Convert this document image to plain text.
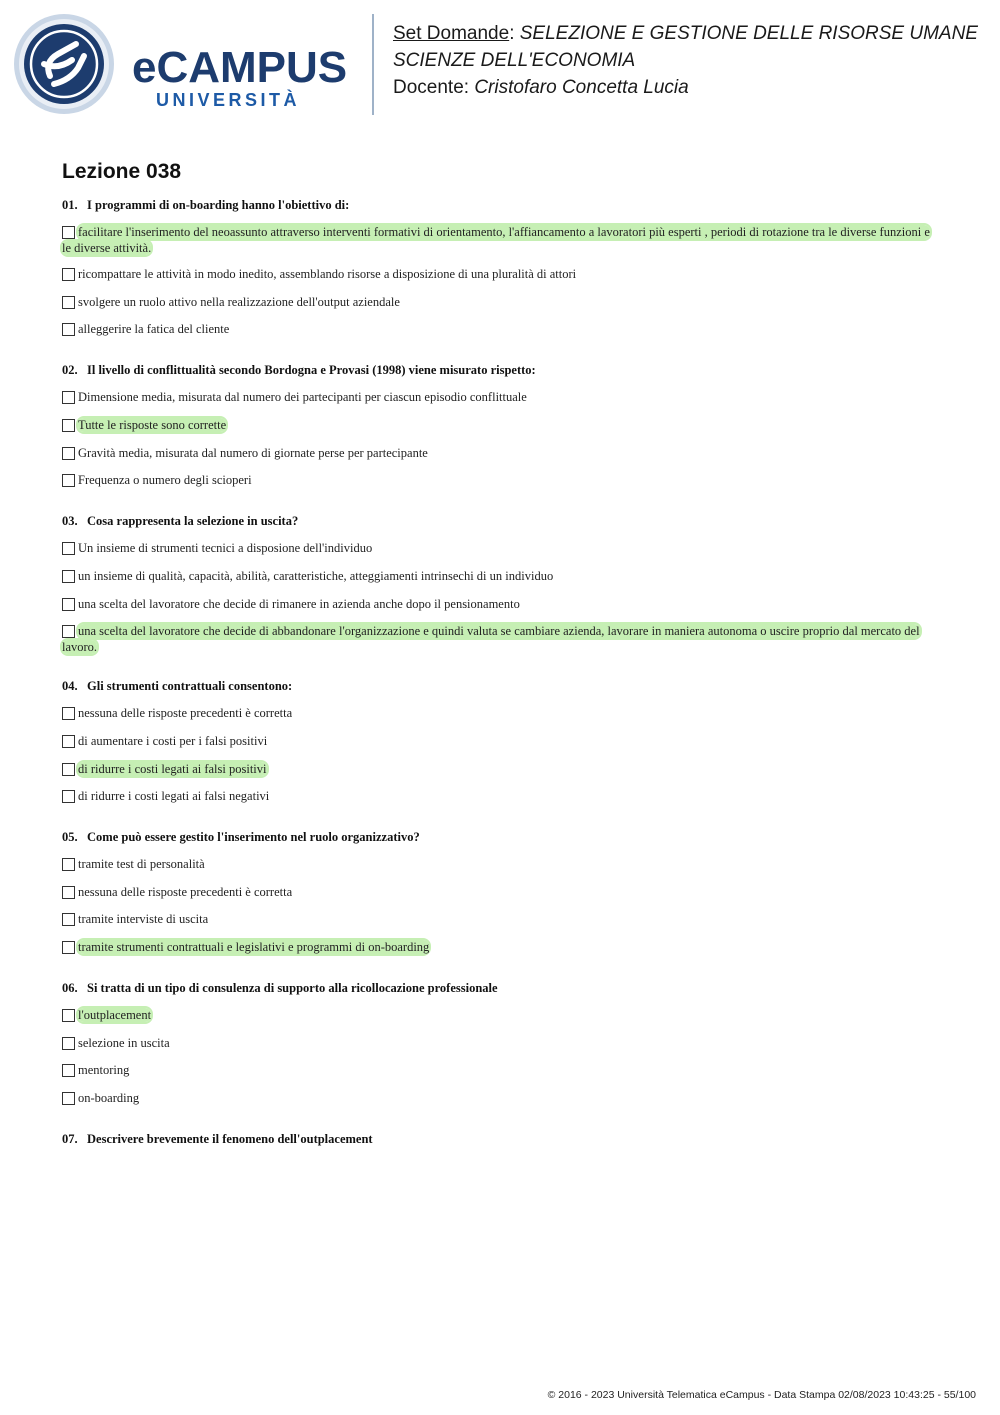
eCAMPUS
UNIVERSITÀ
Set Domande: SELEZIONE E GESTIONE DELLE RISORSE UMANE
SCIENZE DELL'ECONOMIA
Docente: Cristofaro Concetta Lucia
Lezione 038
01. I programmi di on-boarding hanno l'obiettivo di:
facilitare l'inserimento del neoassunto attraverso interventi formativi di orientamento, l'affiancamento a lavoratori più esperti , periodi di rotazione tra le diverse funzioni e le diverse attività.
ricompattare le attività in modo inedito, assemblando risorse a disposizione di una pluralità di attori
svolgere un ruolo attivo nella realizzazione dell'output aziendale
alleggerire la fatica del cliente
02. Il livello di conflittualità secondo Bordogna e Provasi (1998) viene misurato rispetto:
Dimensione media, misurata dal numero dei partecipanti per ciascun episodio conflittuale
Tutte le risposte sono corrette
Gravità media, misurata dal numero di giornate perse per partecipante
Frequenza o numero degli scioperi
03. Cosa rappresenta la selezione in uscita?
Un insieme di strumenti tecnici a disposione dell'individuo
un insieme di qualità, capacità, abilità, caratteristiche, atteggiamenti intrinsechi di un individuo
una scelta del lavoratore che decide di rimanere in azienda anche dopo il pensionamento
una scelta del lavoratore che decide di abbandonare l'organizzazione e quindi valuta se cambiare azienda, lavorare in maniera autonoma o uscire proprio dal mercato del lavoro.
04. Gli strumenti contrattuali consentono:
nessuna delle risposte precedenti è corretta
di aumentare i costi per i falsi positivi
di ridurre i costi legati ai falsi positivi
di ridurre i costi legati ai falsi negativi
05. Come può essere gestito l'inserimento nel ruolo organizzativo?
tramite test di personalità
nessuna delle risposte precedenti è corretta
tramite interviste di uscita
tramite strumenti contrattuali e legislativi e programmi di on-boarding
06. Si tratta di un tipo di consulenza di supporto alla ricollocazione professionale
l'outplacement
selezione in uscita
mentoring
on-boarding
07. Descrivere brevemente il fenomeno dell'outplacement
© 2016 - 2023 Università Telematica eCampus - Data Stampa 02/08/2023 10:43:25 - 55/100
